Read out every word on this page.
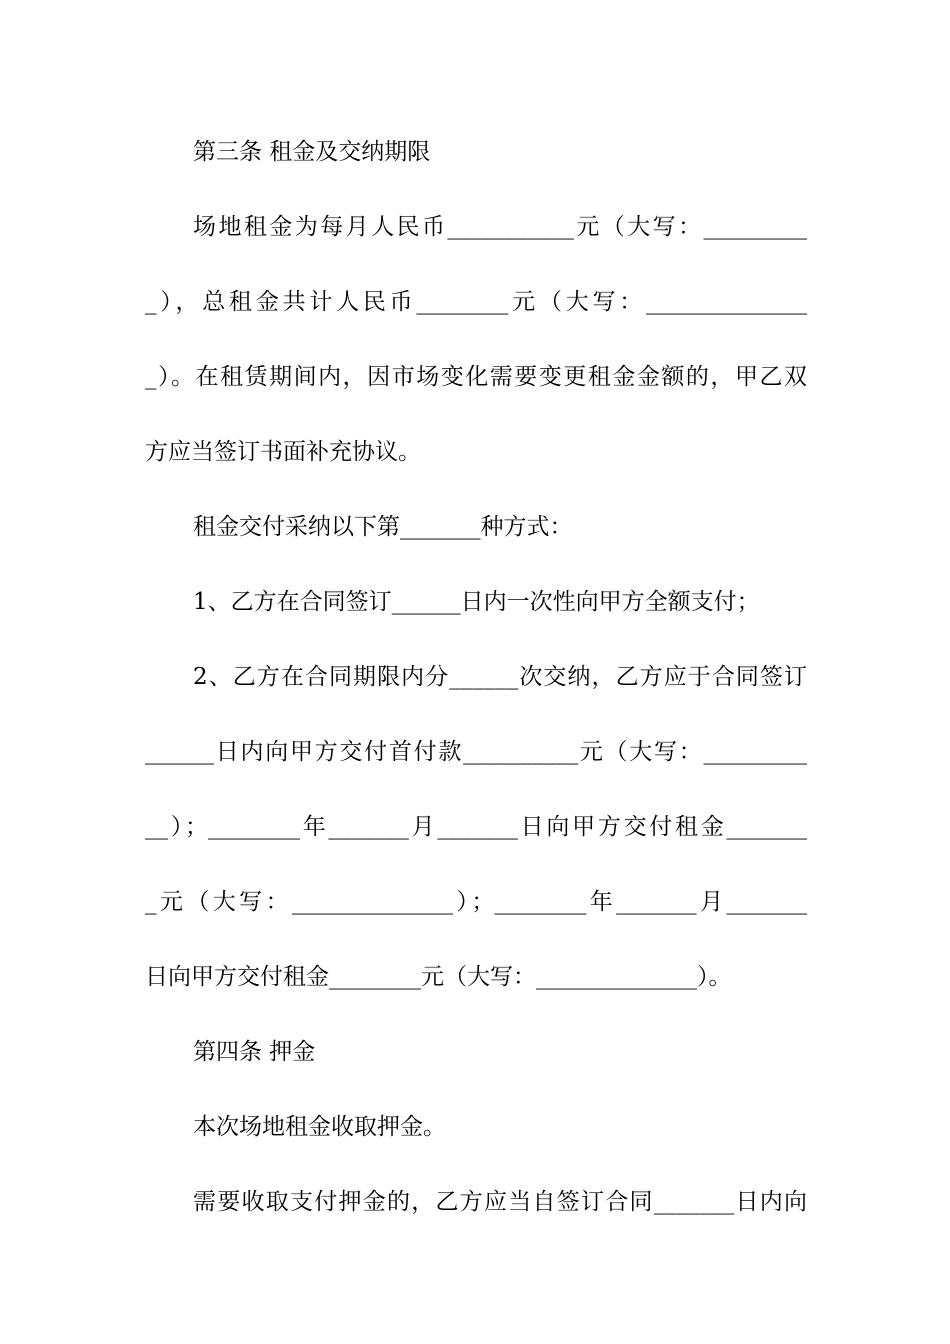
第三条 租金及交纳期限
场地租金为每月人民币___________元（大写：_________
_），总租金共计人民币________元（大写：______________
_）。在租赁期间内，因市场变化需要变更租金金额的，甲乙双
方应当签订书面补充协议。
租金交付采纳以下第_______种方式：
1、乙方在合同签订______日内一次性向甲方全额支付；
2、乙方在合同期限内分______次交纳，乙方应于合同签订
______日内向甲方交付首付款__________元（大写：_________
__）；________年_______月_______日向甲方交付租金_______
_元（大写：______________）；________年_______月_______
日向甲方交付租金________元（大写：______________）。
第四条 押金
本次场地租金收取押金。
需要收取支付押金的，乙方应当自签订合同_______日内向
